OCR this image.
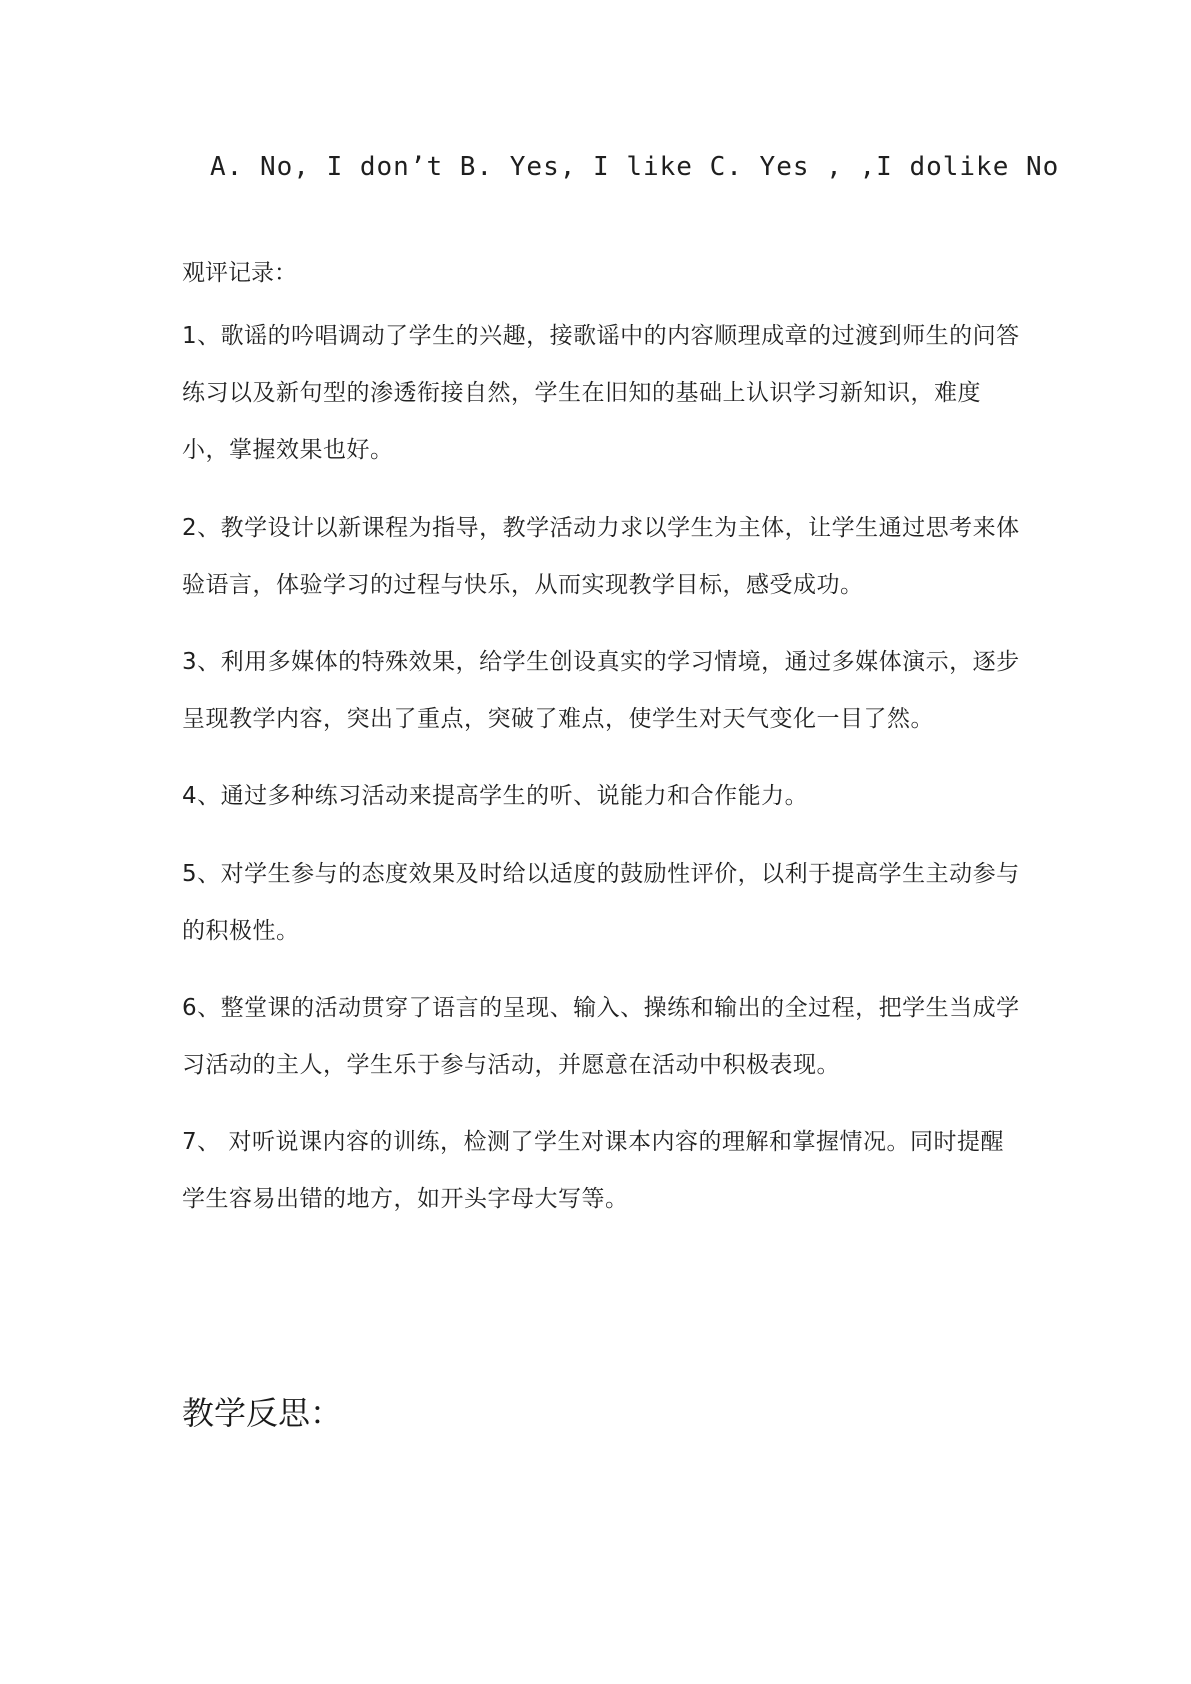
A. No, I don’t B. Yes, I like C. Yes , ,I dolike No
观评记录：
1、歌谣的吟唱调动了学生的兴趣，接歌谣中的内容顺理成章的过渡到师生的问答练习以及新句型的渗透衔接自然，学生在旧知的基础上认识学习新知识，难度小，掌握效果也好。
2、教学设计以新课程为指导，教学活动力求以学生为主体，让学生通过思考来体验语言，体验学习的过程与快乐，从而实现教学目标，感受成功。
3、利用多媒体的特殊效果，给学生创设真实的学习情境，通过多媒体演示，逐步呈现教学内容，突出了重点，突破了难点，使学生对天气变化一目了然。
4、通过多种练习活动来提高学生的听、说能力和合作能力。
5、对学生参与的态度效果及时给以适度的鼓励性评价，以利于提高学生主动参与的积极性。
6、整堂课的活动贯穿了语言的呈现、输入、操练和输出的全过程，把学生当成学习活动的主人，学生乐于参与活动，并愿意在活动中积极表现。
7、 对听说课内容的训练，检测了学生对课本内容的理解和掌握情况。同时提醒学生容易出错的地方，如开头字母大写等。
教学反思：
